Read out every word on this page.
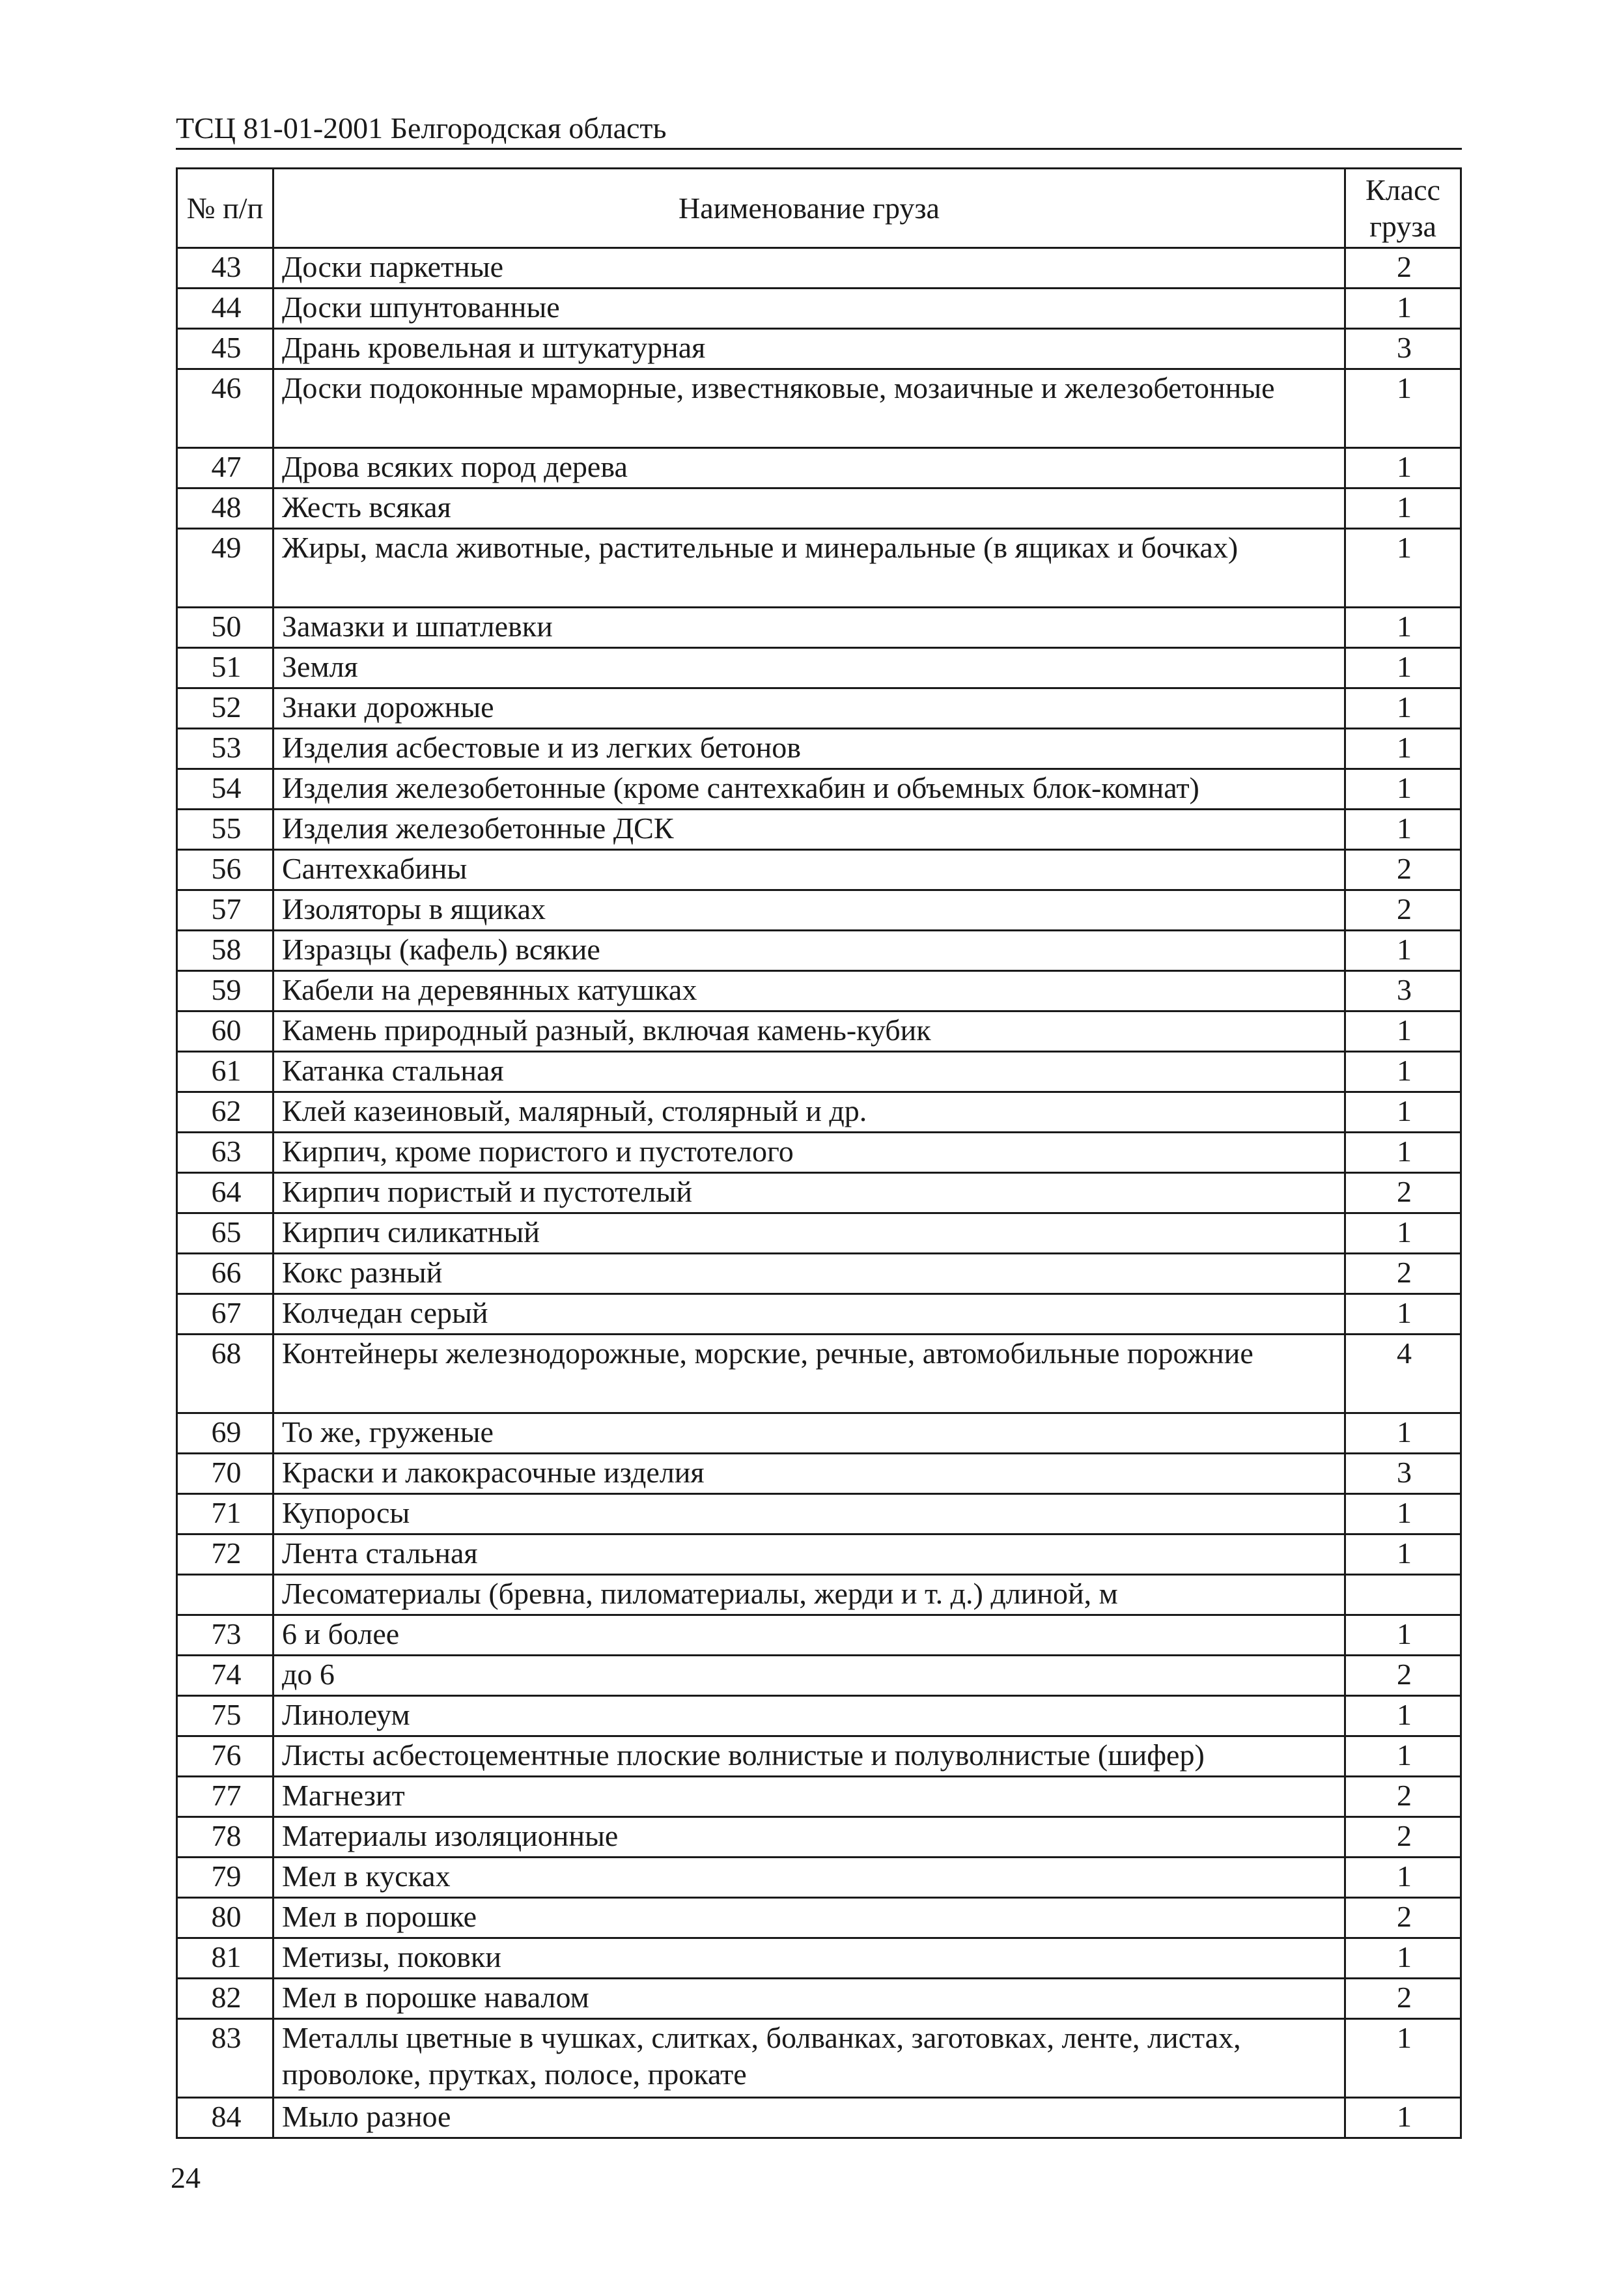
ТСЦ 81-01-2001 Белгородская область
№ п/п	Наименование груза	Класс груза
43	Доски паркетные	2
44	Доски шпунтованные	1
45	Дрань кровельная и штукатурная	3
46	Доски подоконные мраморные, известняковые, мозаичные и железобетонные	1
47	Дрова всяких пород дерева	1
48	Жесть всякая	1
49	Жиры, масла животные, растительные и минеральные (в ящиках и бочках)	1
50	Замазки и шпатлевки	1
51	Земля	1
52	Знаки дорожные	1
53	Изделия асбестовые и из легких бетонов	1
54	Изделия железобетонные (кроме сантехкабин и объемных блок-комнат)	1
55	Изделия железобетонные ДСК	1
56	Сантехкабины	2
57	Изоляторы в ящиках	2
58	Изразцы (кафель) всякие	1
59	Кабели на деревянных катушках	3
60	Камень природный разный, включая камень-кубик	1
61	Катанка стальная	1
62	Клей казеиновый, малярный, столярный и др.	1
63	Кирпич, кроме пористого и пустотелого	1
64	Кирпич пористый и пустотелый	2
65	Кирпич силикатный	1
66	Кокс разный	2
67	Колчедан серый	1
68	Контейнеры железнодорожные, морские, речные, автомобильные порожние	4
69	То же, груженые	1
70	Краски и лакокрасочные изделия	3
71	Купоросы	1
72	Лента стальная	1
	Лесоматериалы (бревна, пиломатериалы, жерди и т. д.) длиной, м	
73	6 и более	1
74	до 6	2
75	Линолеум	1
76	Листы асбестоцементные плоские волнистые и полуволнистые (шифер)	1
77	Магнезит	2
78	Материалы изоляционные	2
79	Мел в кусках	1
80	Мел в порошке	2
81	Метизы, поковки	1
82	Мел в порошке навалом	2
83	Металлы цветные в чушках, слитках, болванках, заготовках, ленте, листах, проволоке, прутках, полосе, прокате	1
84	Мыло разное	1
24
